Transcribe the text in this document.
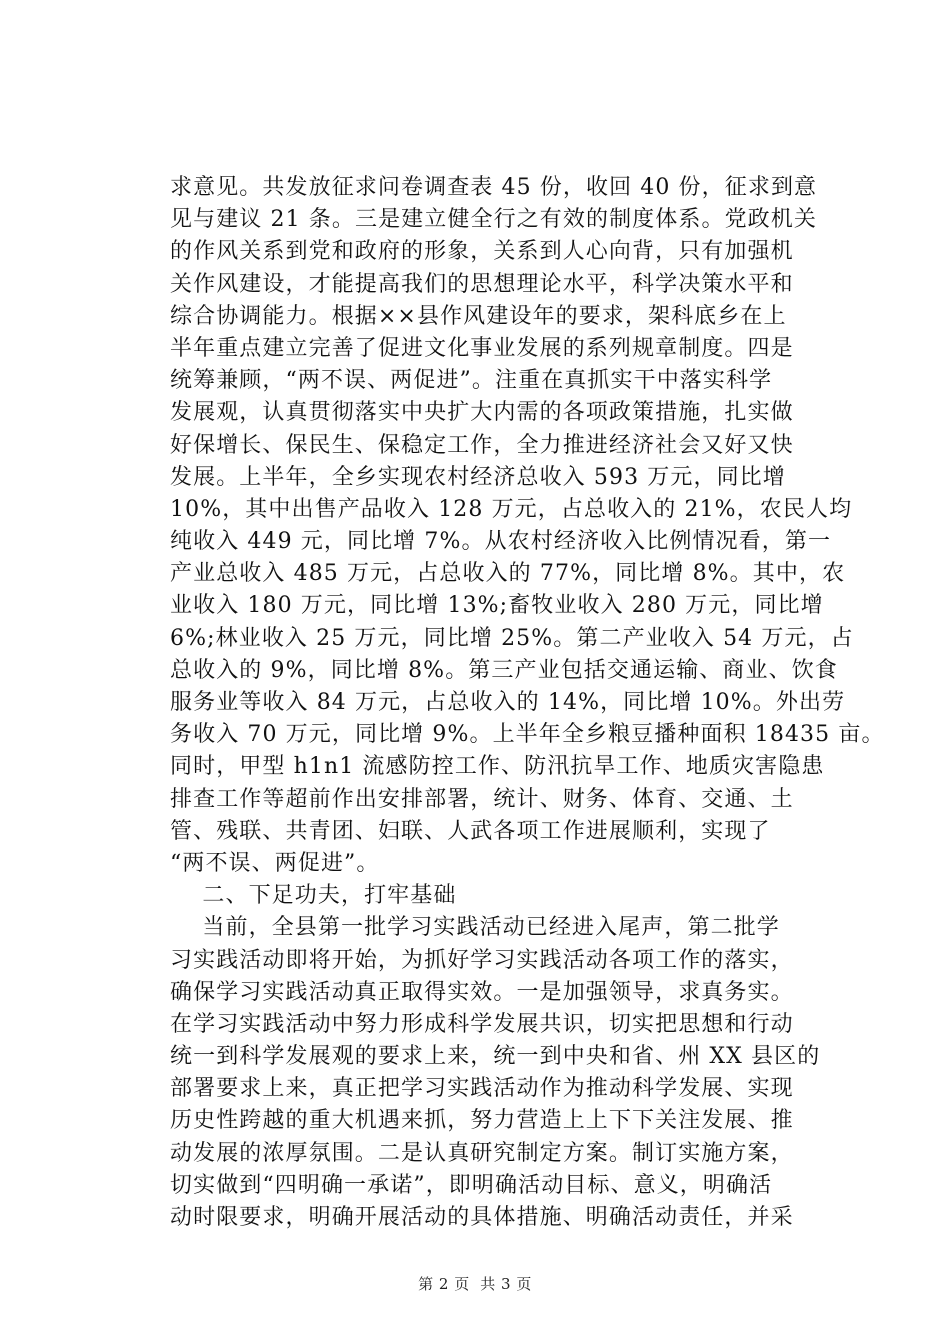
求意见。共发放征求问卷调查表 45 份，收回 40 份，征求到意
见与建议 21 条。三是建立健全行之有效的制度体系。党政机关
的作风关系到党和政府的形象，关系到人心向背，只有加强机
关作风建设，才能提高我们的思想理论水平，科学决策水平和
综合协调能力。根据××县作风建设年的要求，架科底乡在上
半年重点建立完善了促进文化事业发展的系列规章制度。四是
统筹兼顾，“两不误、两促进”。注重在真抓实干中落实科学
发展观，认真贯彻落实中央扩大内需的各项政策措施，扎实做
好保增长、保民生、保稳定工作，全力推进经济社会又好又快
发展。上半年，全乡实现农村经济总收入 593 万元，同比增
10%，其中出售产品收入 128 万元，占总收入的 21%，农民人均
纯收入 449 元，同比增 7%。从农村经济收入比例情况看，第一
产业总收入 485 万元，占总收入的 77%，同比增 8%。其中，农
业收入 180 万元，同比增 13%;畜牧业收入 280 万元，同比增
6%;林业收入 25 万元，同比增 25%。第二产业收入 54 万元，占
总收入的 9%，同比增 8%。第三产业包括交通运输、商业、饮食
服务业等收入 84 万元，占总收入的 14%，同比增 10%。外出劳
务收入 70 万元，同比增 9%。上半年全乡粮豆播种面积 18435 亩。
同时，甲型 h1n1 流感防控工作、防汛抗旱工作、地质灾害隐患
排查工作等超前作出安排部署，统计、财务、体育、交通、土
管、残联、共青团、妇联、人武各项工作进展顺利，实现了
“两不误、两促进”。
二、下足功夫，打牢基础
当前，全县第一批学习实践活动已经进入尾声，第二批学
习实践活动即将开始，为抓好学习实践活动各项工作的落实，
确保学习实践活动真正取得实效。一是加强领导，求真务实。
在学习实践活动中努力形成科学发展共识，切实把思想和行动
统一到科学发展观的要求上来，统一到中央和省、州 XX 县区的
部署要求上来，真正把学习实践活动作为推动科学发展、实现
历史性跨越的重大机遇来抓，努力营造上上下下关注发展、推
动发展的浓厚氛围。二是认真研究制定方案。制订实施方案，
切实做到“四明确一承诺”，即明确活动目标、意义，明确活
动时限要求，明确开展活动的具体措施、明确活动责任，并采
第 2 页  共 3 页
